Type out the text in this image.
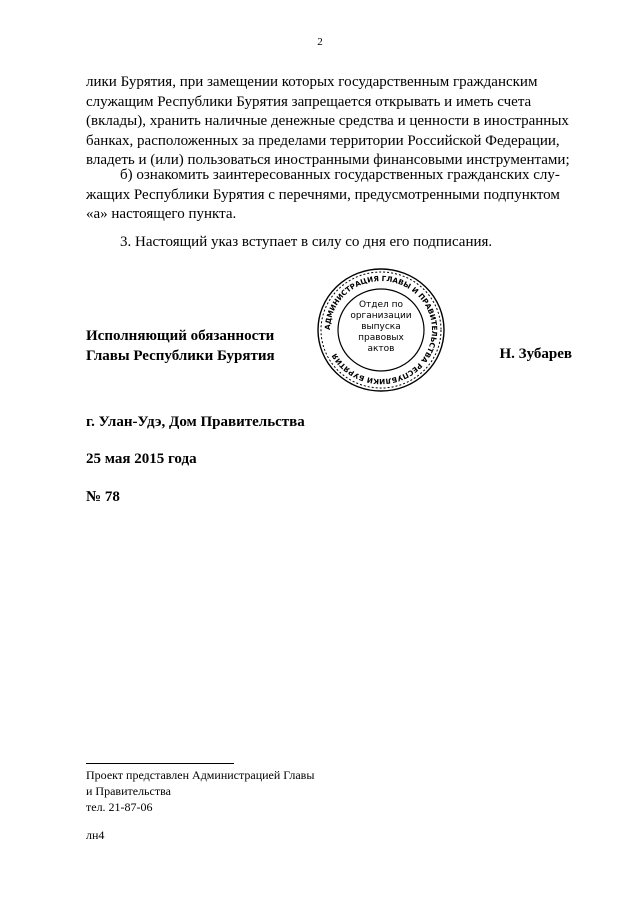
2

лики Бурятия, при замещении которых государственным гражданским

служащим Республики Бурятия запрещается открывать и иметь счета

(вклады), хранить наличные денежные средства и ценности в иностранных

банках, расположенных за пределами территории Российской Федерации,

владеть и (или) пользоваться иностранными финансовыми инструментами;

б) ознакомить заинтересованных государственных гражданских слу-

жащих Республики Бурятия с перечнями, предусмотренными подпунктом

«а» настоящего пункта.

3. Настоящий указ вступает в силу со дня его подписания.
Исполняющий обязанности
Главы Республики Бурятия
АДМИНИСТРАЦИЯ ГЛАВЫ И ПРАВИТЕЛЬСТВА РЕСПУБЛИКИ БУРЯТИЯ
Отдел по
организации
выпуска
правовых
актов	Н. Зубарев
г. Улан-Удэ, Дом Правительства
25 мая 2015 года
№ 78
Проект представлен Администрацией Главы
и Правительства
тел. 21-87-06
лн4
